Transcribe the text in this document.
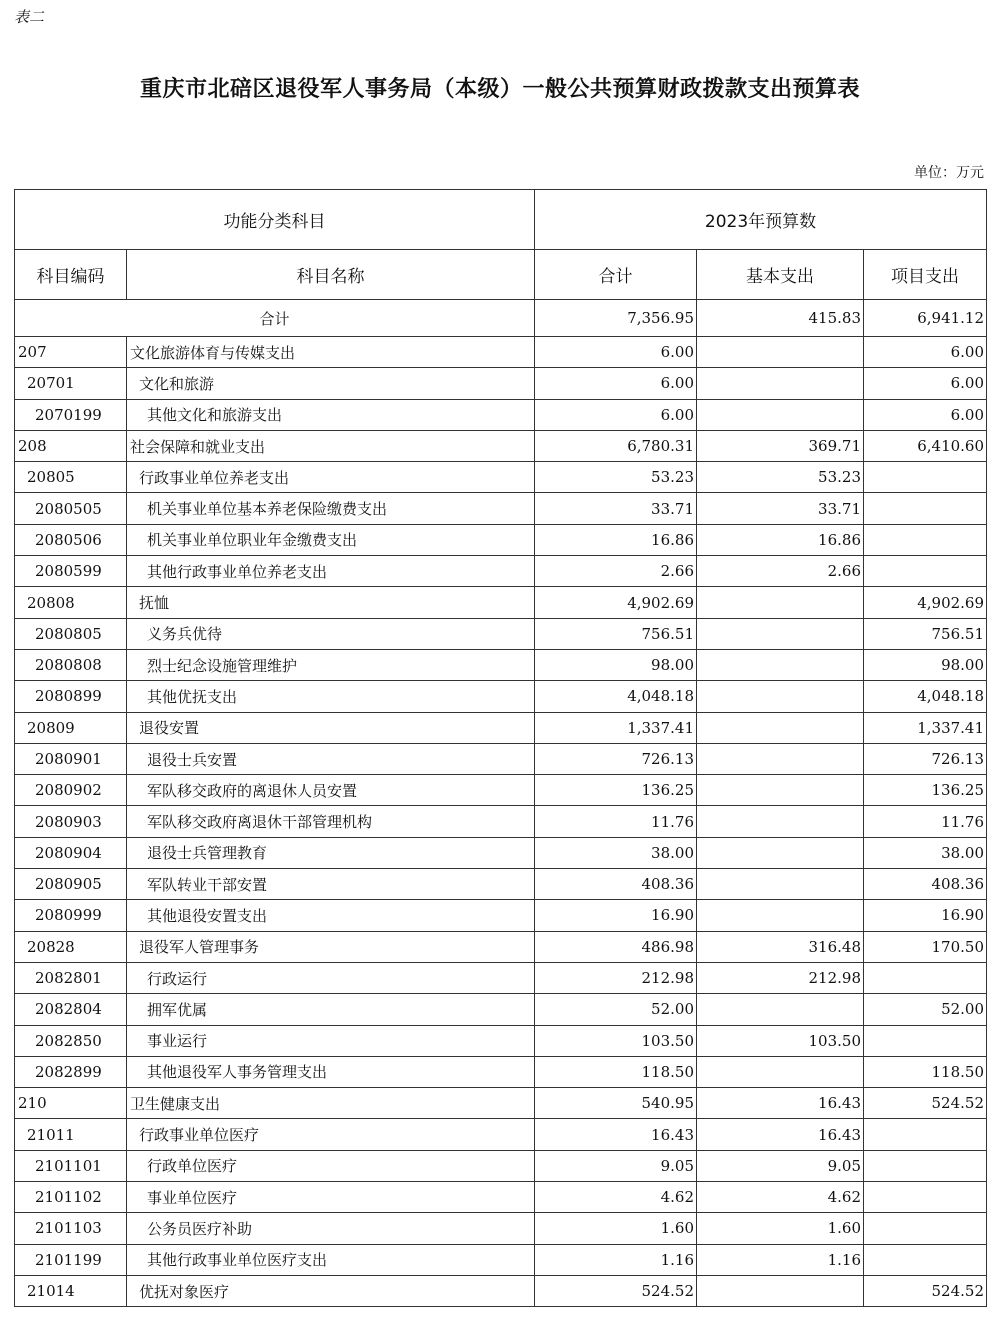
表二
重庆市北碚区退役军人事务局（本级）一般公共预算财政拨款支出预算表
单位：万元
功能分类科目		2023年预算数		
科目编码	科目名称	合计	基本支出	项目支出
合计		7,356.95	415.83	6,941.12
207	文化旅游体育与传媒支出	6.00		6.00
20701	文化和旅游	6.00		6.00
2070199	其他文化和旅游支出	6.00		6.00
208	社会保障和就业支出	6,780.31	369.71	6,410.60
20805	行政事业单位养老支出	53.23	53.23	
2080505	机关事业单位基本养老保险缴费支出	33.71	33.71	
2080506	机关事业单位职业年金缴费支出	16.86	16.86	
2080599	其他行政事业单位养老支出	2.66	2.66	
20808	抚恤	4,902.69		4,902.69
2080805	义务兵优待	756.51		756.51
2080808	烈士纪念设施管理维护	98.00		98.00
2080899	其他优抚支出	4,048.18		4,048.18
20809	退役安置	1,337.41		1,337.41
2080901	退役士兵安置	726.13		726.13
2080902	军队移交政府的离退休人员安置	136.25		136.25
2080903	军队移交政府离退休干部管理机构	11.76		11.76
2080904	退役士兵管理教育	38.00		38.00
2080905	军队转业干部安置	408.36		408.36
2080999	其他退役安置支出	16.90		16.90
20828	退役军人管理事务	486.98	316.48	170.50
2082801	行政运行	212.98	212.98	
2082804	拥军优属	52.00		52.00
2082850	事业运行	103.50	103.50	
2082899	其他退役军人事务管理支出	118.50		118.50
210	卫生健康支出	540.95	16.43	524.52
21011	行政事业单位医疗	16.43	16.43	
2101101	行政单位医疗	9.05	9.05	
2101102	事业单位医疗	4.62	4.62	
2101103	公务员医疗补助	1.60	1.60	
2101199	其他行政事业单位医疗支出	1.16	1.16	
21014	优抚对象医疗	524.52		524.52
